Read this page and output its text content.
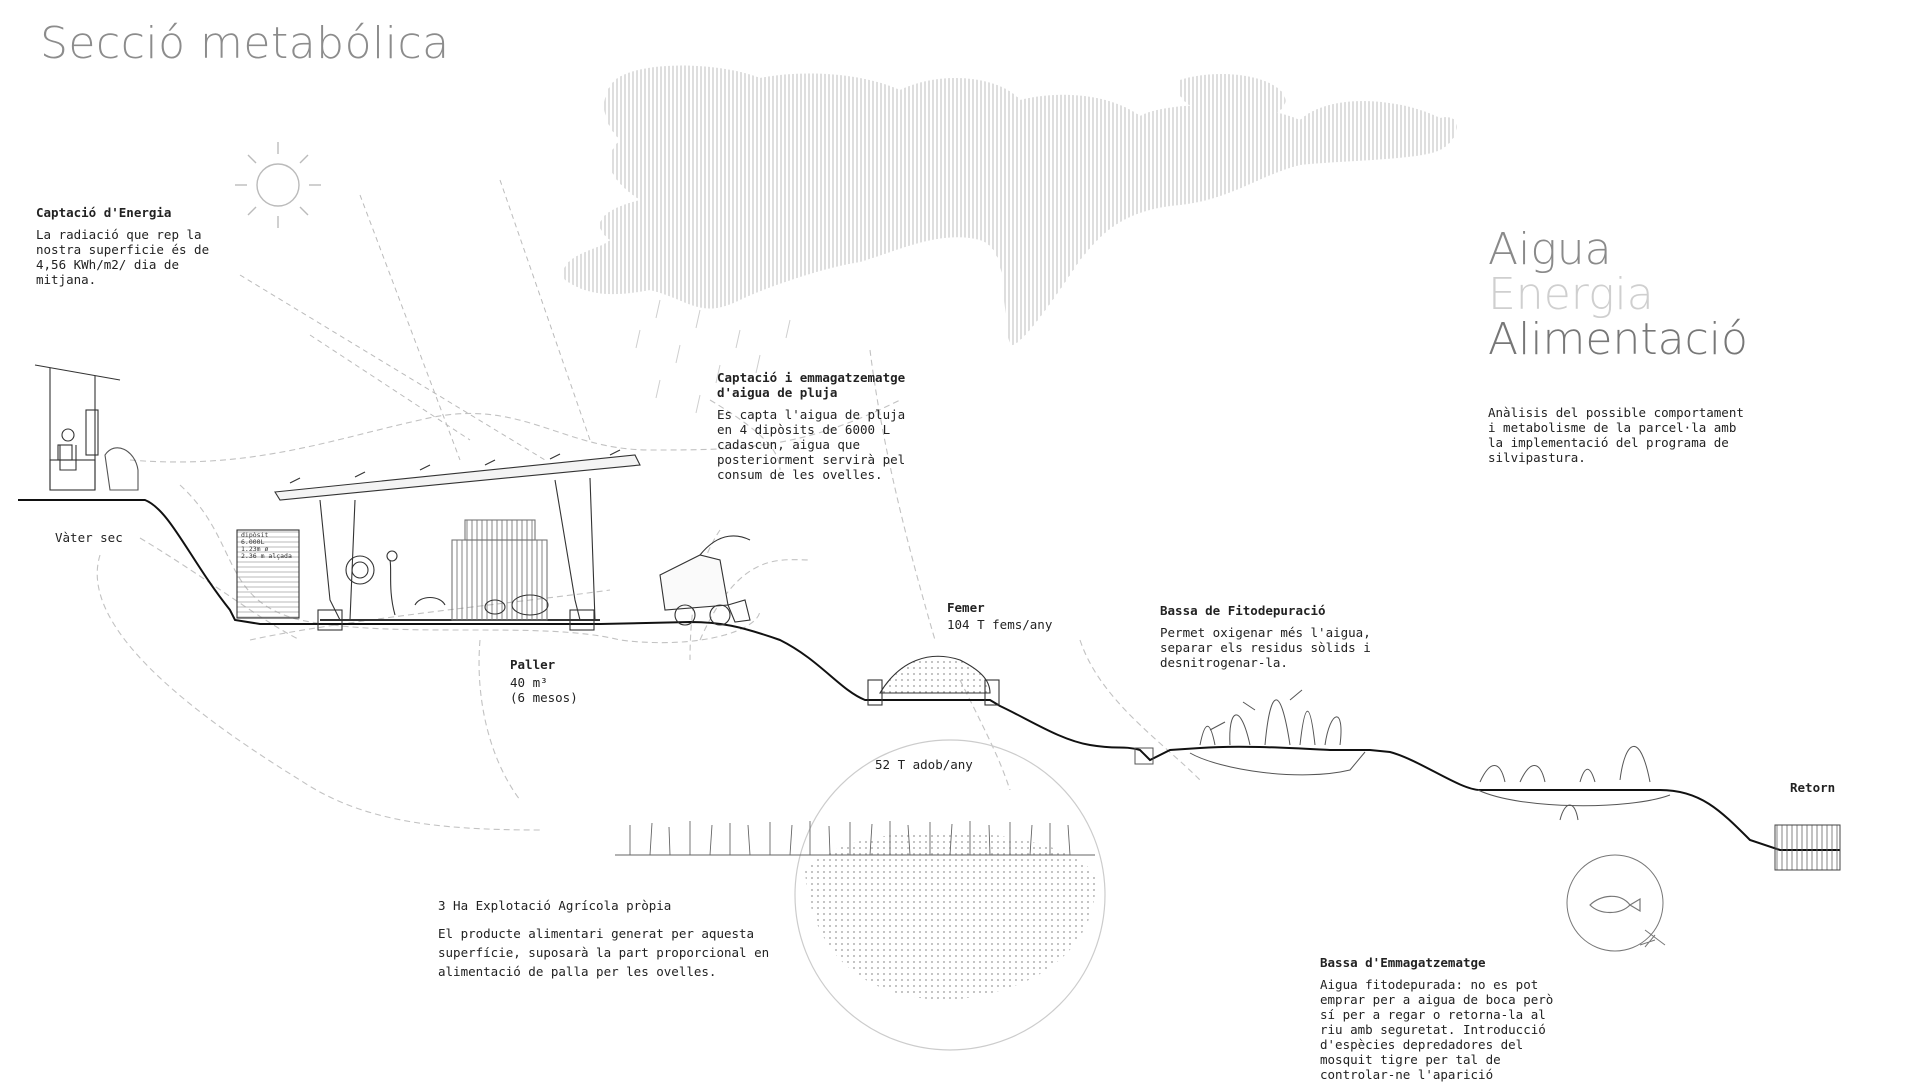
Secció metabólica
Aigua
Energia
Alimentació
Anàlisis del possible comportament
i metabolisme de la parcel·la amb
la implementació del programa de
silvipastura.

Captació d'Energia
La radiació que rep la
nostra superficie és de
4,56 KWh/m2/ dia de
mitjana.

Captació i emmagatzematge
d'aigua de pluja
Es capta l'aigua de pluja
en 4 dipòsits de 6000 L
cadascun, aigua que
posteriorment servirà pel
consum de les ovelles.

Bassa de Fitodepuració
Permet oxigenar més l'aigua,
separar els residus sòlids i
desnitrogenar-la.

Bassa d'Emmagatzematge
Aigua fitodepurada: no es pot
emprar per a aigua de boca però
sí per a regar o retorna-la al
riu amb seguretat. Introducció
d'espècies depredadores del
mosquit tigre per tal de
controlar-ne l'aparició

3 Ha Explotació Agrícola pròpia
El producte alimentari generat per aquesta
superfície, suposarà la part proporcional en
alimentació de palla per les ovelles.

Vàter sec
Paller
40 m³
(6 mesos)
Femer
104 T fems/any
52 T adob/any
Retorn
dipòsit
6.000L
1.23m ø
2.36 m alçada
